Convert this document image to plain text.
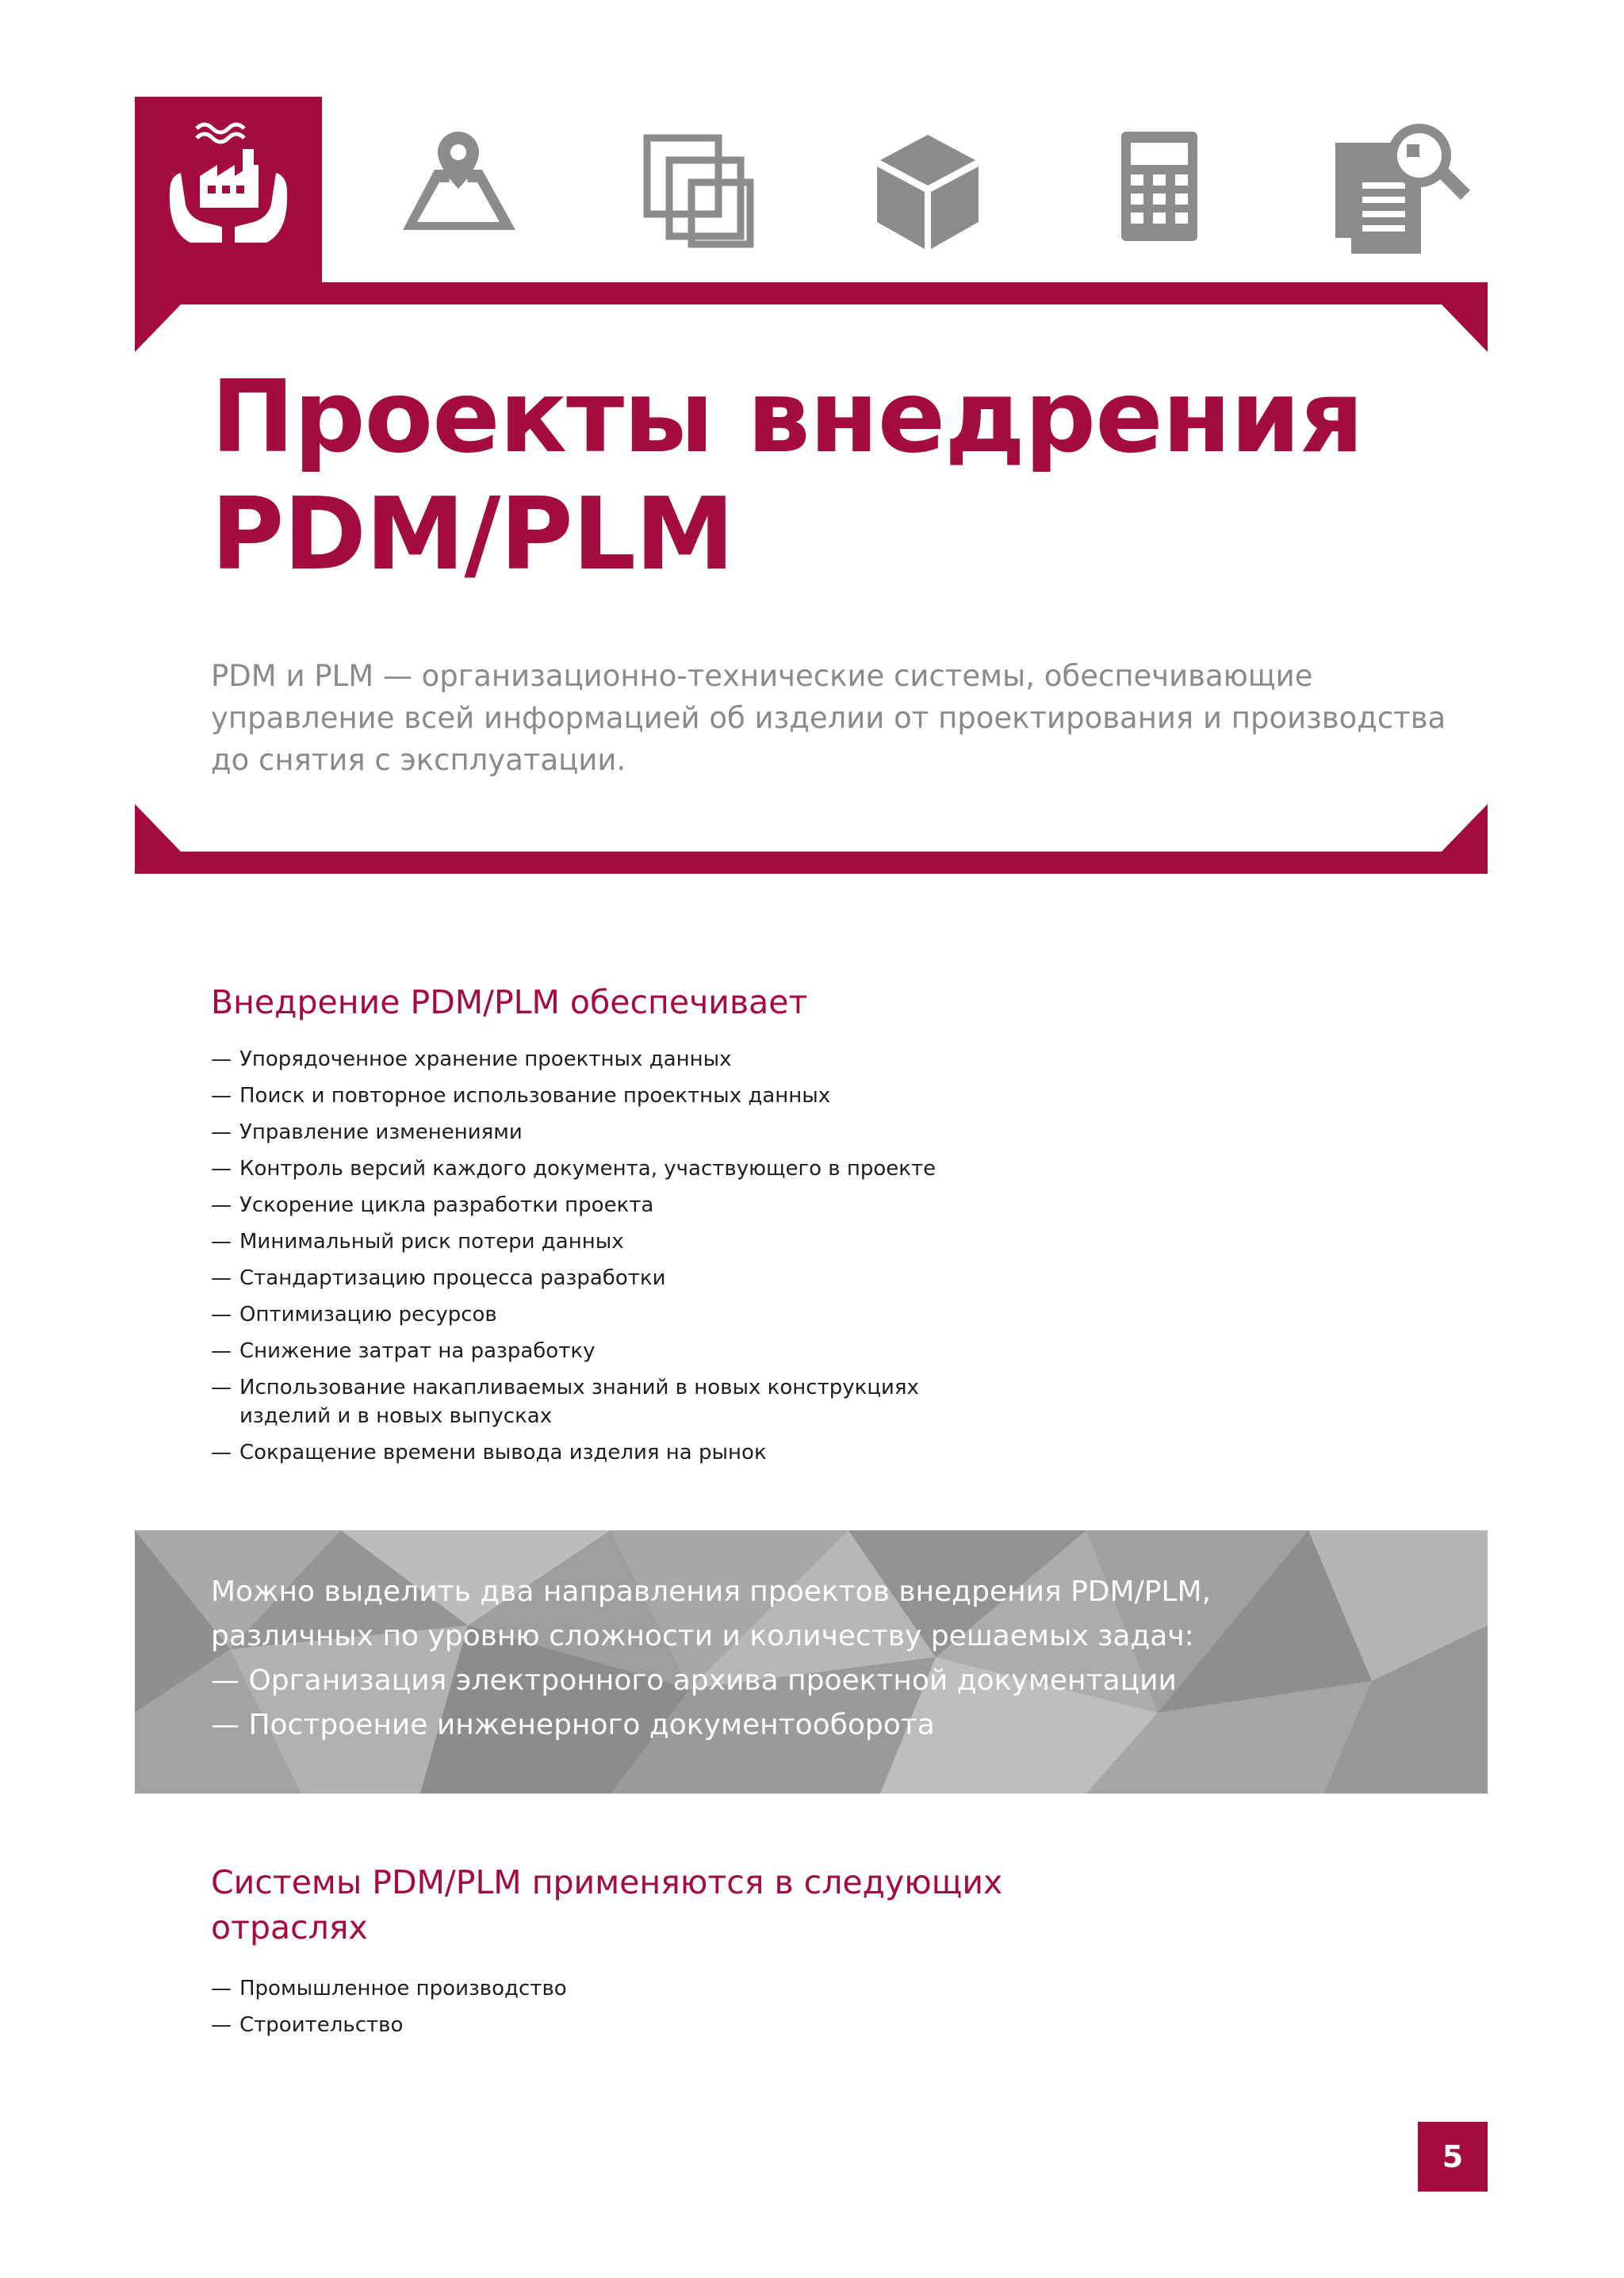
Проекты внедрения
PDM/PLM

PDM и PLM — организационно-технические системы, обеспечивающие управление всей информацией об изделии от проектирования и производства до снятия с эксплуатации.

Внедрение PDM/PLM обеспечивает
— Упорядоченное хранение проектных данных
— Поиск и повторное использование проектных данных
— Управление изменениями
— Контроль версий каждого документа, участвующего в проекте
— Ускорение цикла разработки проекта
— Минимальный риск потери данных
— Стандартизацию процесса разработки
— Оптимизацию ресурсов
— Снижение затрат на разработку
— Использование накапливаемых знаний в новых конструкциях изделий и в новых выпусках
— Сокращение времени вывода изделия на рынок

Можно выделить два направления проектов внедрения PDM/PLM, различных по уровню сложности и количеству решаемых задач:

— Организация электронного архива проектной документации

— Построение инженерного документооборота

Системы PDM/PLM применяются в следующих отраслях
— Промышленное производство
— Строительство
5
